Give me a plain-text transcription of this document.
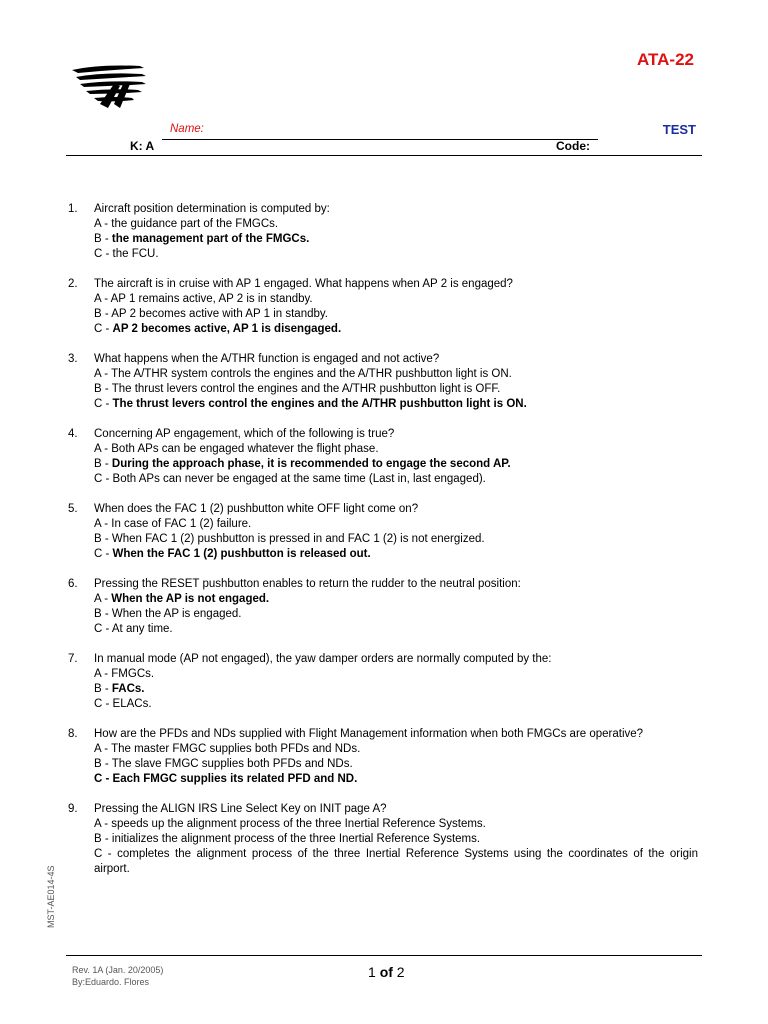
ATA-22
TEST
Name:
K: A	Code:
1.	Aircraft position determination is computed by:
A - the guidance part of the FMGCs.
B - the management part of the FMGCs.
C - the FCU.
2.	The aircraft is in cruise with AP 1 engaged. What happens when AP 2 is engaged?
A - AP 1 remains active, AP 2 is in standby.
B - AP 2 becomes active with AP 1 in standby.
C - AP 2 becomes active, AP 1 is disengaged.
3.	What happens when the A/THR function is engaged and not active?
A - The A/THR system controls the engines and the A/THR pushbutton light is ON.
B - The thrust levers control the engines and the A/THR pushbutton light is OFF.
C - The thrust levers control the engines and the A/THR pushbutton light is ON.
4.	Concerning AP engagement, which of the following is true?
A - Both APs can be engaged whatever the flight phase.
B - During the approach phase, it is recommended to engage the second AP.
C - Both APs can never be engaged at the same time (Last in, last engaged).
5.	When does the FAC 1 (2) pushbutton white OFF light come on?
A - In case of FAC 1 (2) failure.
B - When FAC 1 (2) pushbutton is pressed in and FAC 1 (2) is not energized.
C - When the FAC 1 (2) pushbutton is released out.
6.	Pressing the RESET pushbutton enables to return the rudder to the neutral position:
A - When the AP is not engaged.
B - When the AP is engaged.
C - At any time.
7.	In manual mode (AP not engaged), the yaw damper orders are normally computed by the:
A - FMGCs.
B - FACs.
C - ELACs.
8.	How are the PFDs and NDs supplied with Flight Management information when both FMGCs are operative?
A - The master FMGC supplies both PFDs and NDs.
B - The slave FMGC supplies both PFDs and NDs.
C - Each FMGC supplies its related PFD and ND.
9.	Pressing the ALIGN IRS Line Select Key on INIT page A?
A - speeds up the alignment process of the three Inertial Reference Systems.
B - initializes the alignment process of the three Inertial Reference Systems.
C - completes the alignment process of the three Inertial Reference Systems using the coordinates of the origin airport.
MST-AE014-4S
Rev. 1A (Jan. 20/2005)
By:Eduardo. Flores
1 of 2
